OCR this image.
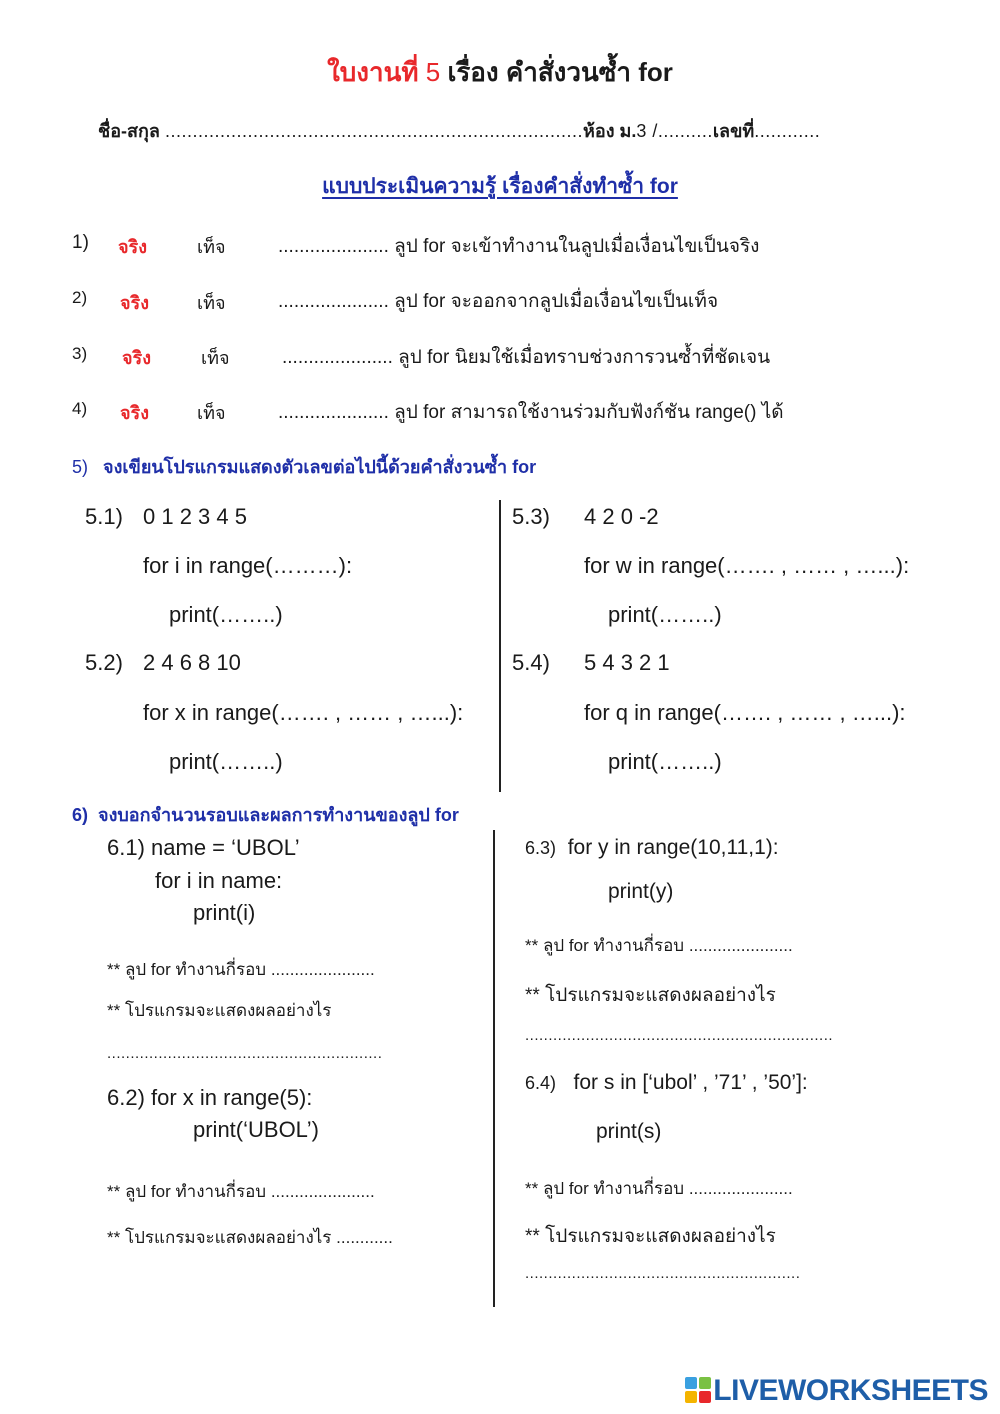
ใบงานที่ 5 เรื่อง คำสั่งวนซ้ำ for
ชื่อ-สกุล ............................................................................ห้อง ม.3 /..........เลขที่............
แบบประเมินความรู้ เรื่องคำสั่งทำซ้ำ for
1) จริง	เท็จ	..................... ลูป for จะเข้าทำงานในลูปเมื่อเงื่อนไขเป็นจริง
2) จริง	เท็จ	..................... ลูป for จะออกจากลูปเมื่อเงื่อนไขเป็นเท็จ
3) จริง	เท็จ	..................... ลูป for นิยมใช้เมื่อทราบช่วงการวนซ้ำที่ชัดเจน
4) จริง	เท็จ	..................... ลูป for สามารถใช้งานร่วมกับฟังก์ชัน range() ได้
5) จงเขียนโปรแกรมแสดงตัวเลขต่อไปนี้ด้วยคำสั่งวนซ้ำ for
5.1) 0 1 2 3 4 5
for i in range(………):
print(……..)
5.2) 2 4 6 8 10
for x in range(……. , …… , …...):
print(……..)
5.3) 4 2 0 -2
for w in range(……. , …… , …...):
print(……..)
5.4) 5 4 3 2 1
for q in range(……. , …… , …...):
print(……..)
6) จงบอกจำนวนรอบและผลการทำงานของลูป for
6.1) name = ‘UBOL’
for i in name:
print(i)
** ลูป for ทำงานกี่รอบ ......................
** โปรแกรมจะแสดงผลอย่างไร
...........................................................
6.2) for x in range(5):
print(‘UBOL’)
** ลูป for ทำงานกี่รอบ ......................
** โปรแกรมจะแสดงผลอย่างไร ............
6.3) for y in range(10,11,1):
print(y)
** ลูป for ทำงานกี่รอบ ......................
** โปรแกรมจะแสดงผลอย่างไร
..................................................................
6.4) for s in [‘ubol’ , ’71’ , ’50’]:
print(s)
** ลูป for ทำงานกี่รอบ ......................
** โปรแกรมจะแสดงผลอย่างไร
...........................................................
LIVEWORKSHEETS
